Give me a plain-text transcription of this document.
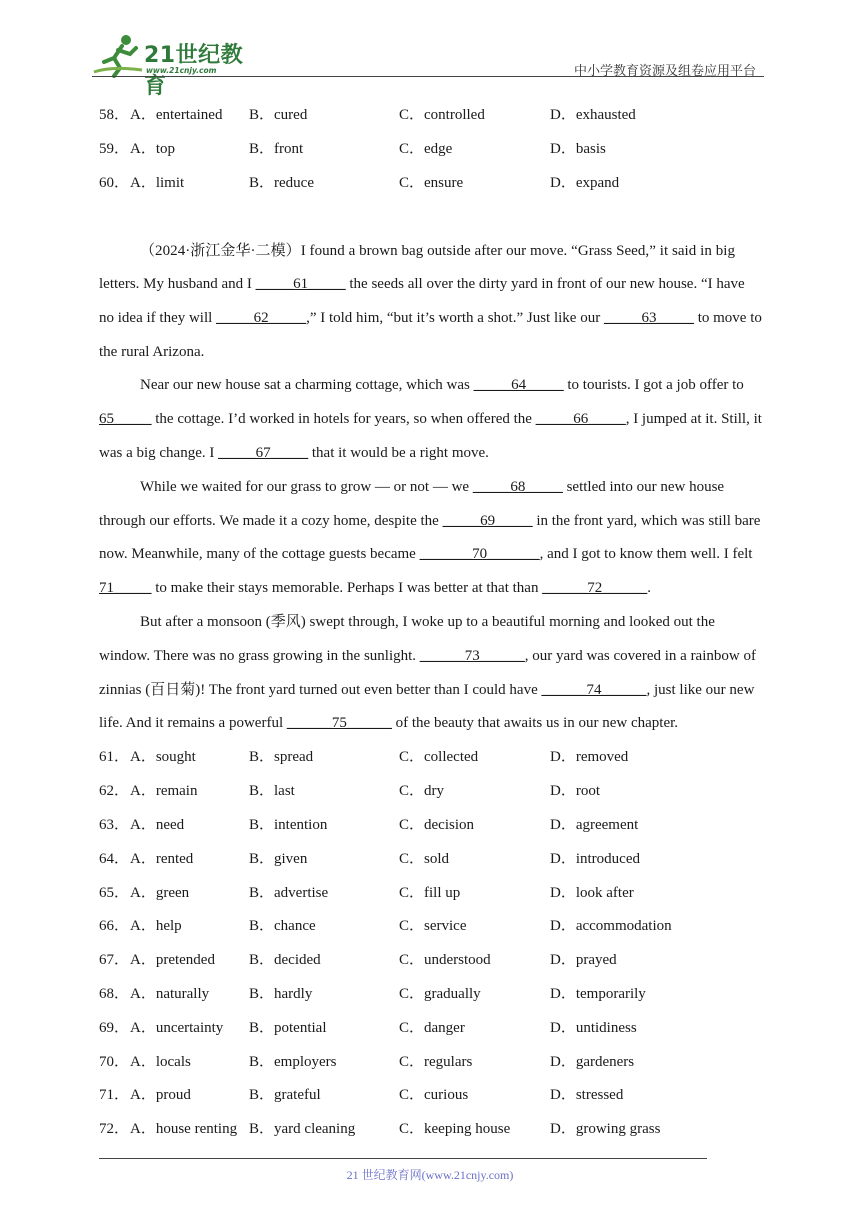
21世纪教育
www.21cnjy.com	中小学教育资源及组卷应用平台
58． A．entertained B．cured	C．controlled	D．exhausted
59． A．top	B．front	C．edge	D．basis
60． A．limit	B．reduce	C．ensure	D．expand
（2024·浙江金华·二模）I found a brown bag outside after our move. “Grass Seed,” it said in big
letters. My husband and I _____61_____ the seeds all over the dirty yard in front of our new house. “I have
no idea if they will _____62_____,” I told him, “but it’s worth a shot.” Just like our _____63_____ to move to
the rural Arizona.
Near our new house sat a charming cottage, which was _____64_____ to tourists. I got a job offer to
65_____ the cottage. I’d worked in hotels for years, so when offered the _____66_____, I jumped at it. Still, it
was a big change. I _____67_____ that it would be a right move.
While we waited for our grass to grow — or not — we _____68_____ settled into our new house
through our efforts. We made it a cozy home, despite the _____69_____ in the front yard, which was still bare
now. Meanwhile, many of the cottage guests became _______70_______, and I got to know them well. I felt
71_____ to make their stays memorable. Perhaps I was better at that than ______72______.
But after a monsoon (季风) swept through, I woke up to a beautiful morning and looked out the
window. There was no grass growing in the sunlight. ______73______, our yard was covered in a rainbow of
zinnias (百日菊)! The front yard turned out even better than I could have ______74______, just like our new
life. And it remains a powerful ______75______ of the beauty that awaits us in our new chapter.
61． A．sought	B．spread	C．collected	D．removed
62． A．remain	B．last	C．dry	D．root
63． A．need	B．intention	C．decision	D．agreement
64． A．rented	B．given	C．sold	D．introduced
65． A．green	B．advertise	C．fill up	D．look after
66． A．help	B．chance	C．service	D．accommodation
67． A．pretended B．decided	C．understood	D．prayed
68． A．naturally	B．hardly	C．gradually	D．temporarily
69． A．uncertainty B．potential	C．danger	D．untidiness
70． A．locals	B．employers	C．regulars	D．gardeners
71． A．proud	B．grateful	C．curious	D．stressed
72． A．house renting B．yard cleaning	C．keeping house	D．growing grass
21 世纪教育网(www.21cnjy.com)
